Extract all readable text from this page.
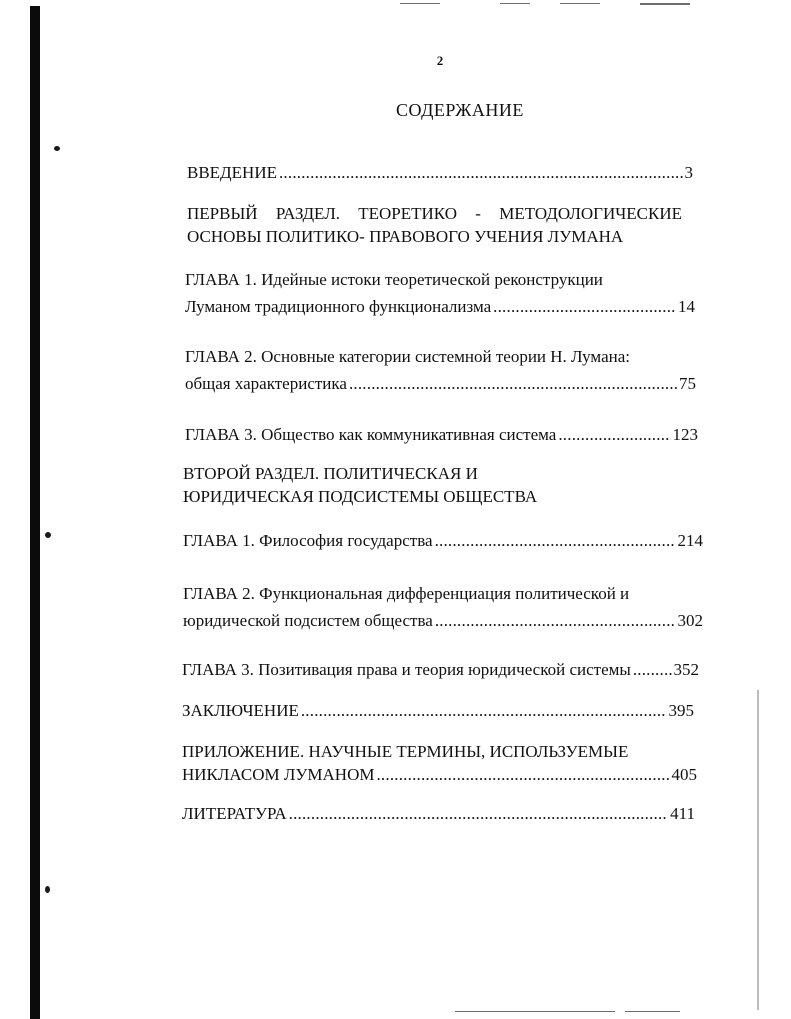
2
СОДЕРЖАНИЕ
ВВЕДЕНИЕ .....	3
ПЕРВЫЙ РАЗДЕЛ. ТЕОРЕТИКО - МЕТОДОЛОГИЧЕСКИЕ
ОСНОВЫ ПОЛИТИКО- ПРАВОВОГО УЧЕНИЯ ЛУМАНА
ГЛАВА 1. Идейные истоки теоретической реконструкции
Луманом традиционного функционализма .....	14
ГЛАВА 2. Основные категории системной теории Н. Лумана:
общая характеристика .....	75
ГЛАВА 3. Общество как коммуникативная система .....	123
ВТОРОЙ РАЗДЕЛ. ПОЛИТИЧЕСКАЯ И
ЮРИДИЧЕСКАЯ ПОДСИСТЕМЫ ОБЩЕСТВА
ГЛАВА 1. Философия государства .....	214
ГЛАВА 2. Функциональная дифференциация политической и
юридической подсистем общества .....	302
ГЛАВА 3. Позитивация права и теория юридической системы .....	352
ЗАКЛЮЧЕНИЕ .....	395
ПРИЛОЖЕНИЕ. НАУЧНЫЕ ТЕРМИНЫ, ИСПОЛЬЗУЕМЫЕ
НИКЛАСОМ ЛУМАНОМ .....	405
ЛИТЕРАТУРА .....	411
